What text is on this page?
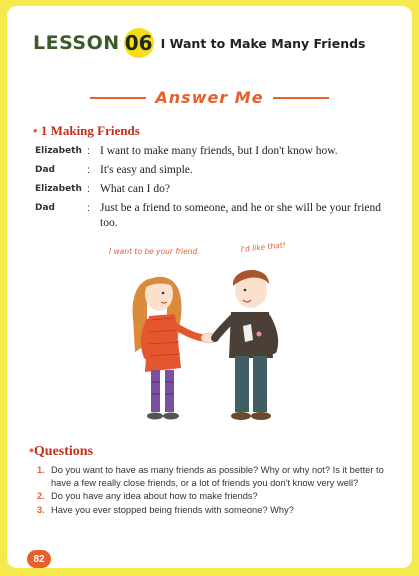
LESSON 06 I Want to Make Many Friends
Answer Me
• 1 Making Friends
Elizabeth : I want to make many friends, but I don't know how.
Dad	: It's easy and simple.
Elizabeth : What can I do?
Dad	: Just be a friend to someone, and he or she will be your friend too.
I want to be your friend.	I'd like that!
•Questions
1. Do you want to have as many friends as possible? Why or why not? Is it better to have a few really close friends, or a lot of friends you don't know very well?
2. Do you have any idea about how to make friends?
3. Have you ever stopped being friends with someone? Why?
82
